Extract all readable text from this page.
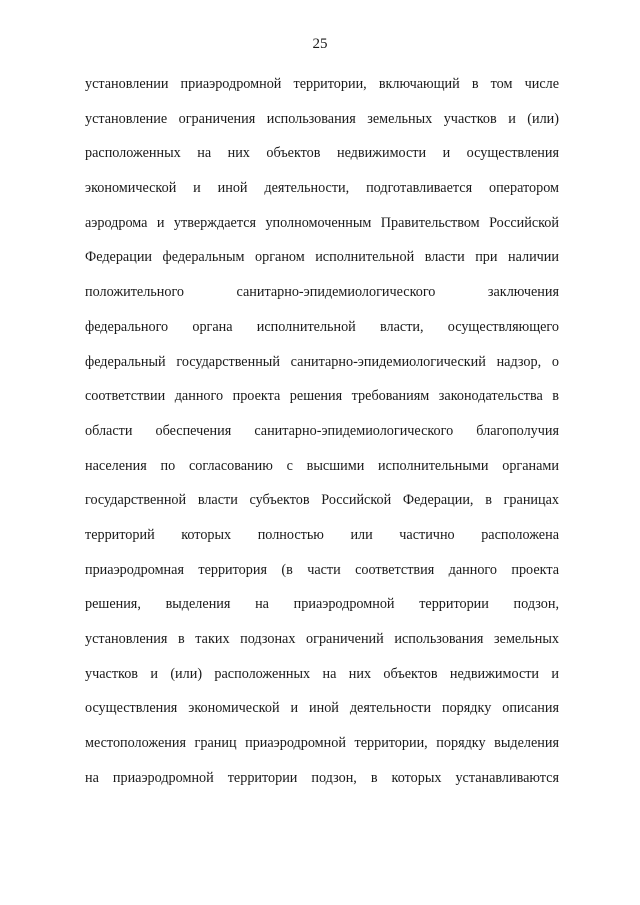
25

установлении приаэродромной территории, включающий в том числе
установление ограничения использования земельных участков и (или)
расположенных на них объектов недвижимости и осуществления
экономической и иной деятельности, подготавливается оператором
аэродрома и утверждается уполномоченным Правительством Российской
Федерации федеральным органом исполнительной власти при наличии
положительного санитарно-эпидемиологического заключения
федерального органа исполнительной власти, осуществляющего
федеральный государственный санитарно-эпидемиологический надзор, о
соответствии данного проекта решения требованиям законодательства в
области обеспечения санитарно-эпидемиологического благополучия
населения по согласованию с высшими исполнительными органами
государственной власти субъектов Российской Федерации, в границах
территорий которых полностью или частично расположена
приаэродромная территория (в части соответствия данного проекта
решения, выделения на приаэродромной территории подзон,
установления в таких подзонах ограничений использования земельных
участков и (или) расположенных на них объектов недвижимости и
осуществления экономической и иной деятельности порядку описания
местоположения границ приаэродромной территории, порядку выделения
на приаэродромной территории подзон, в которых устанавливаются
